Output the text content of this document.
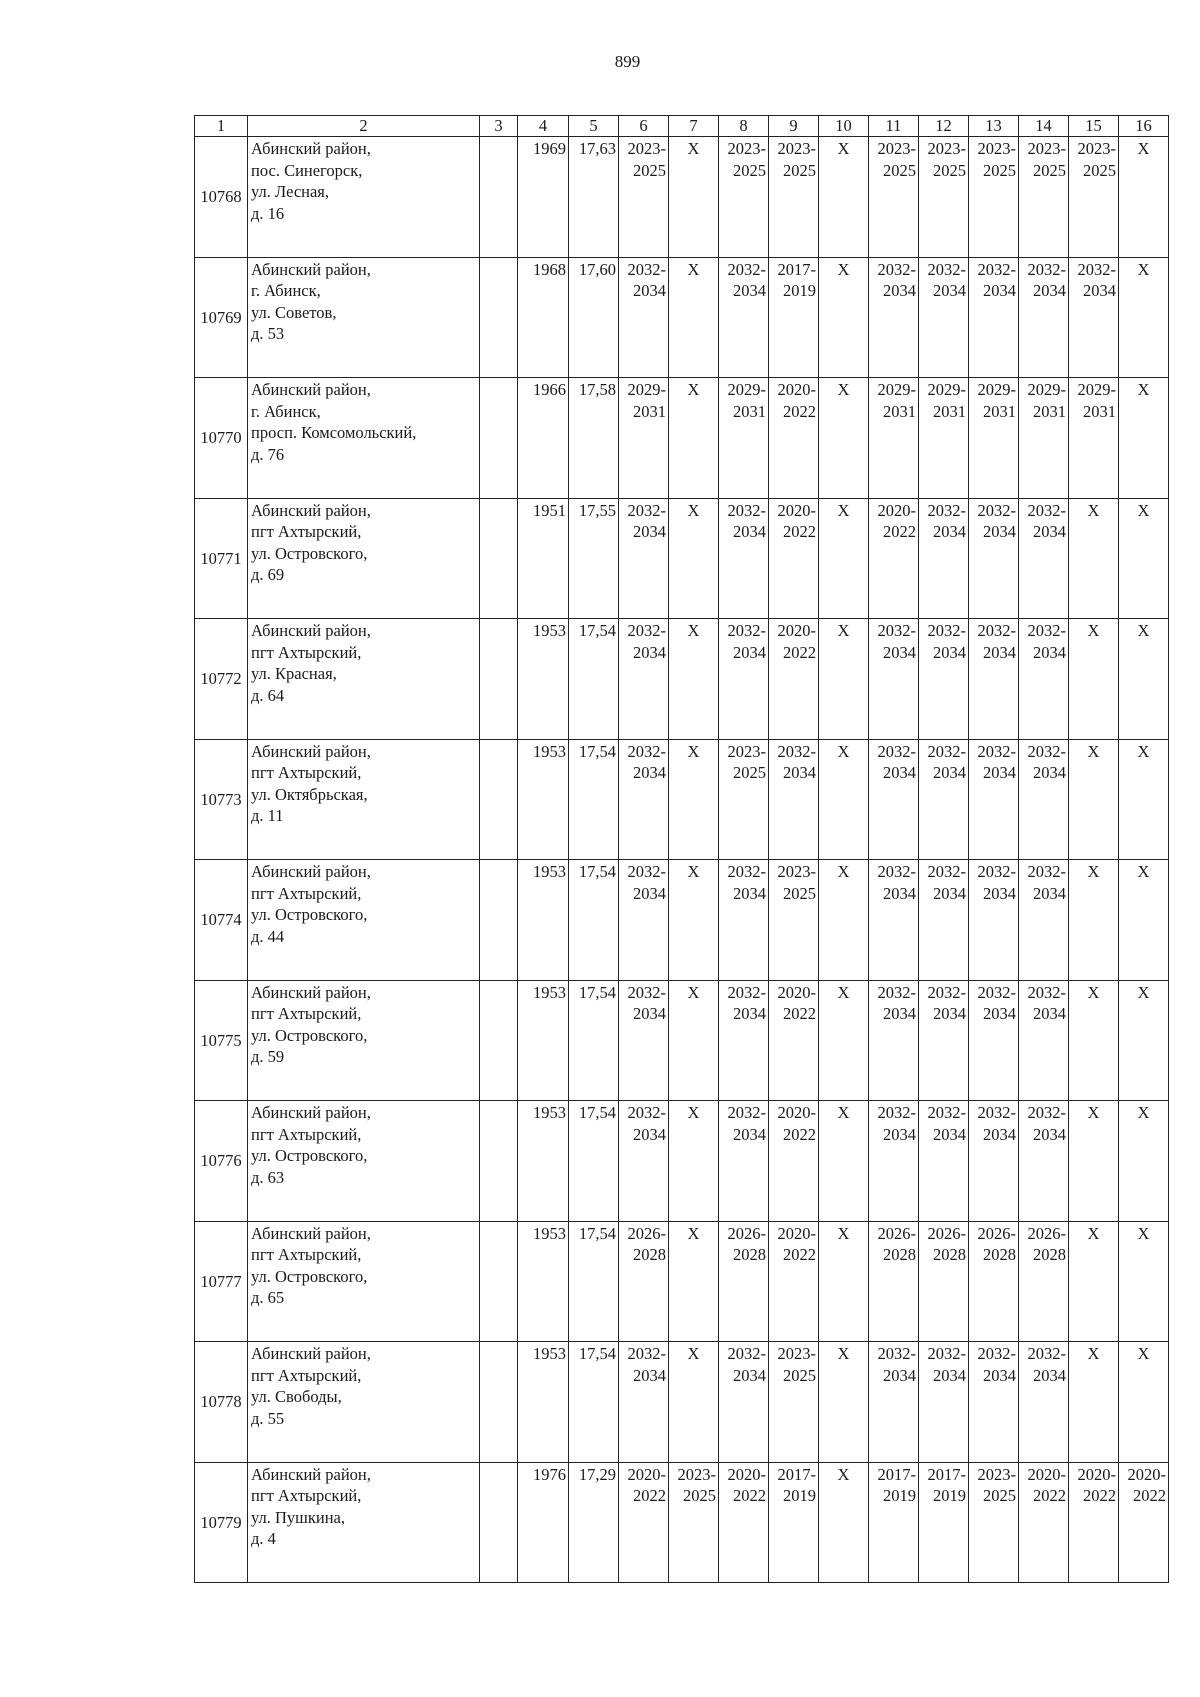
899
1	2	3	4	5	6	7	8	9	10	11	12	13	14	15	16
10768	Абинский район,
пос. Синегорск,
ул. Лесная,
д. 16		1969	17,63	2023-
2025	X	2023-
2025	2023-
2025	X	2023-
2025	2023-
2025	2023-
2025	2023-
2025	2023-
2025	X
10769	Абинский район,
г. Абинск,
ул. Советов,
д. 53		1968	17,60	2032-
2034	X	2032-
2034	2017-
2019	X	2032-
2034	2032-
2034	2032-
2034	2032-
2034	2032-
2034	X
10770	Абинский район,
г. Абинск,
просп. Комсомольский,
д. 76		1966	17,58	2029-
2031	X	2029-
2031	2020-
2022	X	2029-
2031	2029-
2031	2029-
2031	2029-
2031	2029-
2031	X
10771	Абинский район,
пгт Ахтырский,
ул. Островского,
д. 69		1951	17,55	2032-
2034	X	2032-
2034	2020-
2022	X	2020-
2022	2032-
2034	2032-
2034	2032-
2034	X	X
10772	Абинский район,
пгт Ахтырский,
ул. Красная,
д. 64		1953	17,54	2032-
2034	X	2032-
2034	2020-
2022	X	2032-
2034	2032-
2034	2032-
2034	2032-
2034	X	X
10773	Абинский район,
пгт Ахтырский,
ул. Октябрьская,
д. 11		1953	17,54	2032-
2034	X	2023-
2025	2032-
2034	X	2032-
2034	2032-
2034	2032-
2034	2032-
2034	X	X
10774	Абинский район,
пгт Ахтырский,
ул. Островского,
д. 44		1953	17,54	2032-
2034	X	2032-
2034	2023-
2025	X	2032-
2034	2032-
2034	2032-
2034	2032-
2034	X	X
10775	Абинский район,
пгт Ахтырский,
ул. Островского,
д. 59		1953	17,54	2032-
2034	X	2032-
2034	2020-
2022	X	2032-
2034	2032-
2034	2032-
2034	2032-
2034	X	X
10776	Абинский район,
пгт Ахтырский,
ул. Островского,
д. 63		1953	17,54	2032-
2034	X	2032-
2034	2020-
2022	X	2032-
2034	2032-
2034	2032-
2034	2032-
2034	X	X
10777	Абинский район,
пгт Ахтырский,
ул. Островского,
д. 65		1953	17,54	2026-
2028	X	2026-
2028	2020-
2022	X	2026-
2028	2026-
2028	2026-
2028	2026-
2028	X	X
10778	Абинский район,
пгт Ахтырский,
ул. Свободы,
д. 55		1953	17,54	2032-
2034	X	2032-
2034	2023-
2025	X	2032-
2034	2032-
2034	2032-
2034	2032-
2034	X	X
10779	Абинский район,
пгт Ахтырский,
ул. Пушкина,
д. 4		1976	17,29	2020-
2022	2023-
2025	2020-
2022	2017-
2019	X	2017-
2019	2017-
2019	2023-
2025	2020-
2022	2020-
2022	2020-
2022
